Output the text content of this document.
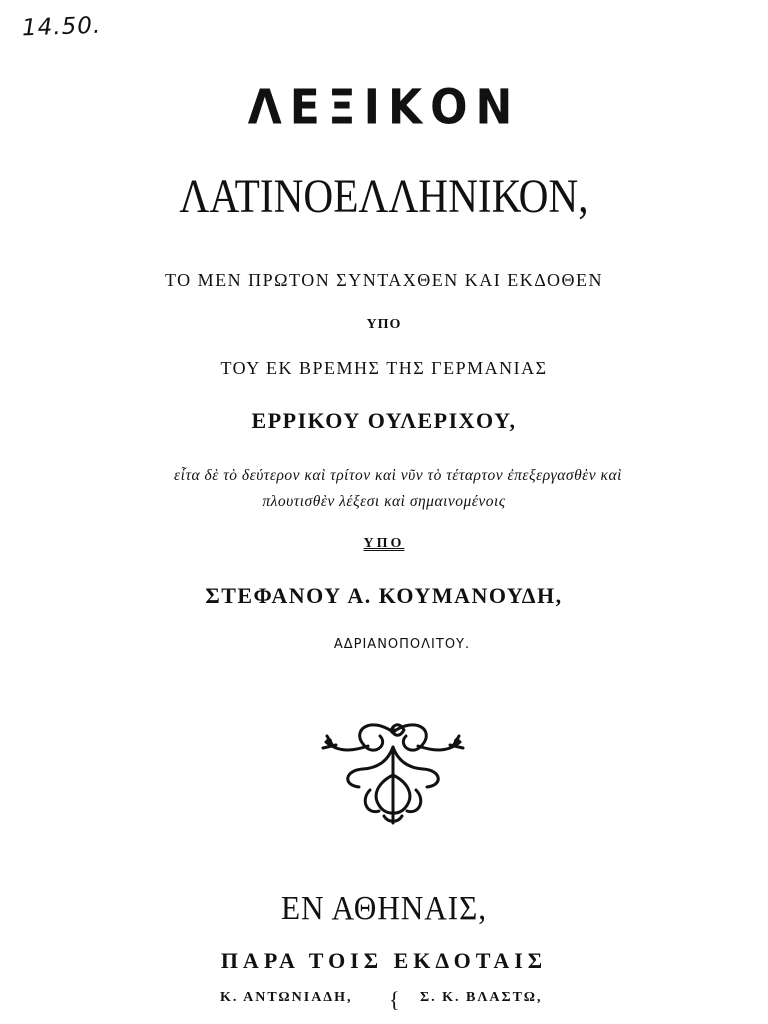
14.50.
ΛΕΞΙΚΟΝ
ΛΑΤΙΝΟΕΛΛΗΝΙΚΟΝ,
ΤΟ ΜΕΝ ΠΡΩΤΟΝ ΣΥΝΤΑΧΘΕΝ ΚΑΙ ΕΚΔΟΘΕΝ
ΥΠΟ
ΤΟΥ ΕΚ ΒΡΕΜΗΣ ΤΗΣ ΓΕΡΜΑΝΙΑΣ
ΕΡΡΙΚΟΥ ΟΥΛΕΡΙΧΟΥ,
εἶτα δὲ τὸ δεύτερον καὶ τρίτον καὶ νῦν τὸ τέταρτον ἐπεξεργασθὲν καὶ
πλουτισθὲν λέξεσι καὶ σημαινομένοις
ΥΠΟ
ΣΤΕΦΑΝΟΥ Α. ΚΟΥΜΑΝΟΥΔΗ,
ΑΔΡΙΑΝΟΠΟΛΙΤΟΥ.
ΕΝ ΑΘΗΝΑΙΣ,
ΠΑΡΑ ΤΟΙΣ ΕΚΔΟΤΑΙΣ
Κ. ΑΝΤΩΝΙΑΔΗ, { Σ. Κ. ΒΛΑΣΤΩ,
